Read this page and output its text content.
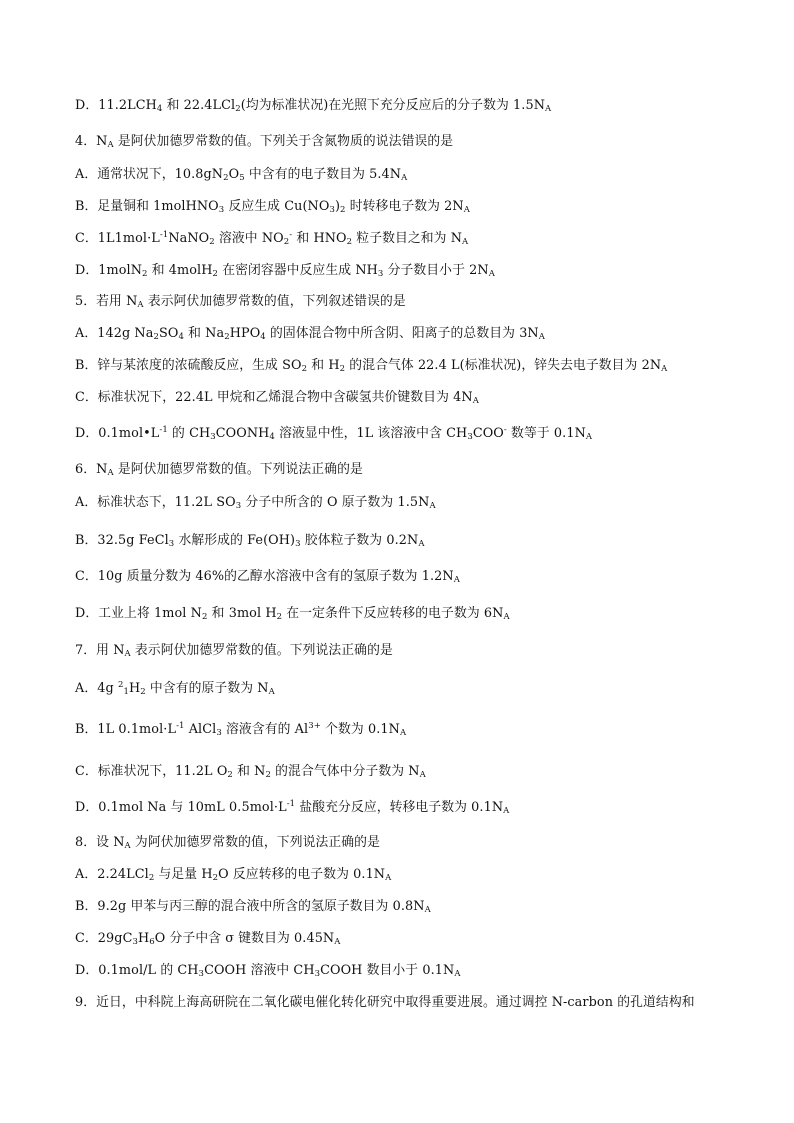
D．$11.2LCH_4$ 和 22.4LCl$_2$(均为标准状况)在光照下充分反应后的分子数为 $1.5N_A$
4．$N_A$ 是阿伏加德罗常数的值。下列关于含氮物质的说法错误的是
A．通常状况下，$10.8gN_2O_5$ 中含有的电子数目为 $5.4N_A$
B．足量铜和 1molHNO$_3$ 反应生成 $Cu(NO_3)_2$ 时转移电子数为 $2N_A$
C．$1L1mol\cdot L^{-1}NaNO_2$ 溶液中 $NO_2^-$ 和 $HNO_2$ 粒子数目之和为 $N_A$
D．1molN$_2$ 和 4molH$_2$ 在密闭容器中反应生成 $NH_3$ 分子数目小于 $2N_A$
5．若用 $N_A$ 表示阿伏加德罗常数的值，下列叙述错误的是
A．142g $Na_2SO_4$ 和 $Na_2HPO_4$ 的固体混合物中所含阴、阳离子的总数目为 $3N_A$
B．锌与某浓度的浓硫酸反应，生成 $SO_2$ 和 $H_2$ 的混合气体 22.4 L(标准状况)，锌失去电子数目为 $2N_A$
C．标准状况下，22.4L 甲烷和乙烯混合物中含碳氢共价键数目为 $4N_A$
D．$0.1mol•L^{-1}$ 的 $CH_3COONH_4$ 溶液显中性，1L 该溶液中含 $CH_3COO^-$ 数等于 $0.1N_A$
6．$N_A$ 是阿伏加德罗常数的值。下列说法正确的是
A．标准状态下，11.2L $SO_3$ 分子中所含的 O 原子数为 $1.5N_A$
B．32.5g FeCl$_3$ 水解形成的 $Fe(OH)_3$ 胶体粒子数为 $0.2N_A$
C．10g 质量分数为 46%的乙醇水溶液中含有的氢原子数为 $1.2N_A$
D．工业上将 1mol $N_2$ 和 3mol $H_2$ 在一定条件下反应转移的电子数为 $6N_A$
7．用 $N_A$ 表示阿伏加德罗常数的值。下列说法正确的是
A．4g $^2_1H_2$ 中含有的原子数为 $N_A$
B．1L $0.1mol\cdot L^{-1}$ AlCl$_3$ 溶液含有的 $Al^{3+}$ 个数为 $0.1N_A$
C．标准状况下，11.2L $O_2$ 和 $N_2$ 的混合气体中分子数为 $N_A$
D．0.1mol Na 与 10mL $0.5mol\cdot L^{-1}$ 盐酸充分反应，转移电子数为 $0.1N_A$
8．设 $N_A$ 为阿伏加德罗常数的值，下列说法正确的是
A．2.24LCl$_2$ 与足量 $H_2O$ 反应转移的电子数为 $0.1N_A$
B．9.2g 甲苯与丙三醇的混合液中所含的氢原子数目为 $0.8N_A$
C．$29gC_3H_6O$ 分子中含 σ 键数目为 $0.45N_A$
D．0.1mol/L 的 $CH_3COOH$ 溶液中 $CH_3COOH$ 数目小于 $0.1N_A$
9．近日，中科院上海高研院在二氧化碳电催化转化研究中取得重要进展。通过调控 N-carbon 的孔道结构和
